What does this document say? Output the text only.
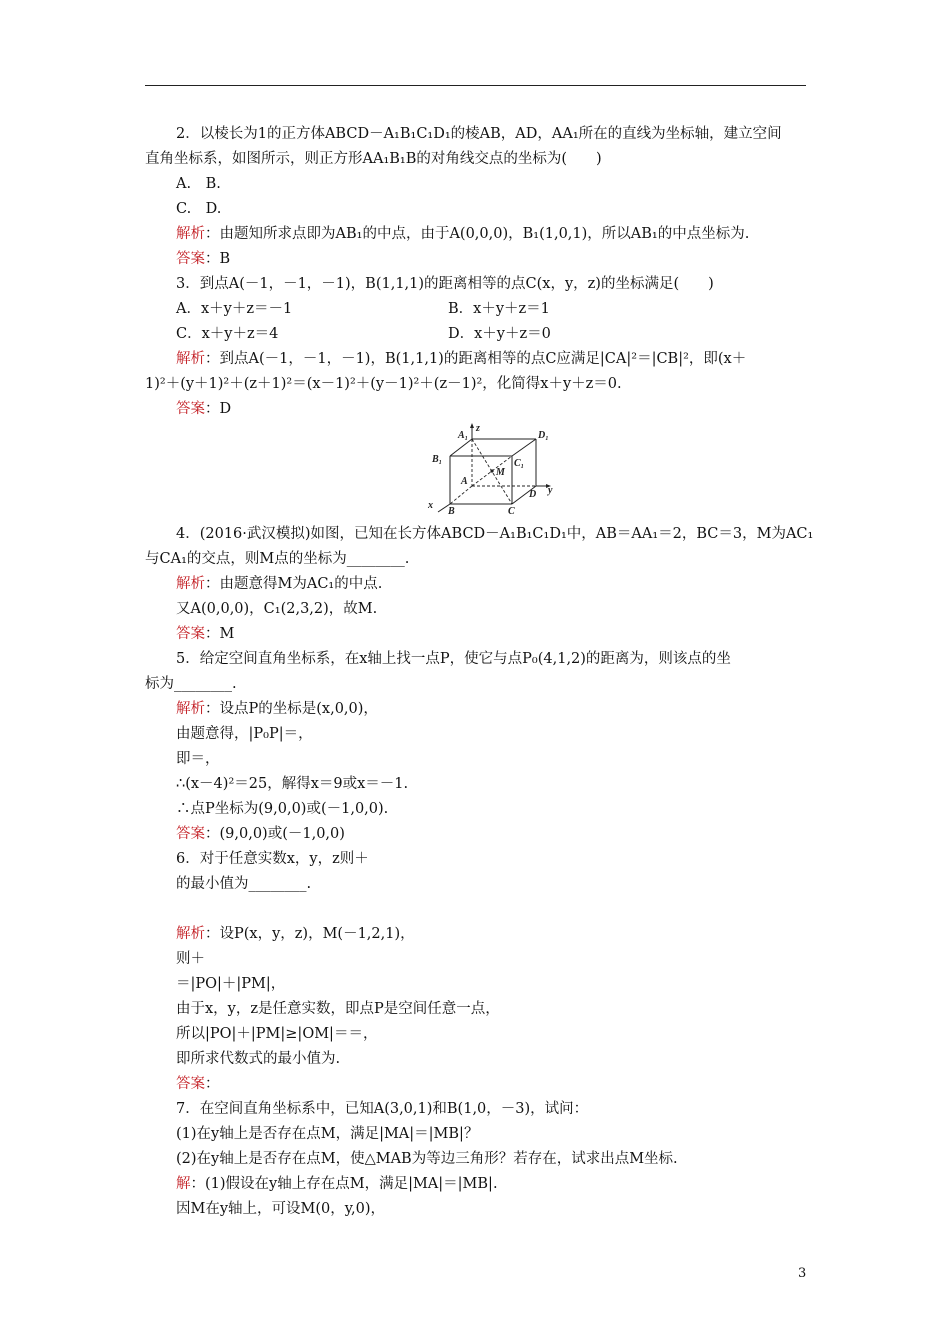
2．以棱长为1的正方体ABCD－A₁B₁C₁D₁的棱AB，AD，AA₁所在的直线为坐标轴，建立空间
直角坐标系，如图所示，则正方形AA₁B₁B的对角线交点的坐标为(　　)
A.　B.
C.　D.
解析：由题知所求点即为AB₁的中点，由于A(0,0,0)，B₁(1,0,1)，所以AB₁的中点坐标为.
答案：B
3．到点A(－1，－1，－1)，B(1,1,1)的距离相等的点C(x，y，z)的坐标满足(　　)
A．x＋y＋z＝－1	B．x＋y＋z＝1
C．x＋y＋z＝4	D．x＋y＋z＝0
解析：到点A(－1，－1，－1)，B(1,1,1)的距离相等的点C应满足|CA|²＝|CB|²，即(x＋
1)²＋(y＋1)²＋(z＋1)²＝(x－1)²＋(y－1)²＋(z－1)²，化简得x＋y＋z＝0.
答案：D
z
A₁	D₁
B₁	C₁
M
A
y
D
x
B	C
4．(2016·武汉模拟)如图，已知在长方体ABCD－A₁B₁C₁D₁中，AB＝AA₁＝2，BC＝3，M为AC₁
与CA₁的交点，则M点的坐标为________.
解析：由题意得M为AC₁的中点.
又A(0,0,0)，C₁(2,3,2)，故M.
答案：M
5．给定空间直角坐标系，在x轴上找一点P，使它与点P₀(4,1,2)的距离为，则该点的坐
标为________.
解析：设点P的坐标是(x,0,0)，
由题意得，|P₀P|＝，
即＝，
∴(x－4)²＝25，解得x＝9或x＝－1.
∴点P坐标为(9,0,0)或(－1,0,0).
答案：(9,0,0)或(－1,0,0)
6．对于任意实数x，y，z则＋
的最小值为________.
解析：设P(x，y，z)，M(－1,2,1)，
则＋
＝|PO|＋|PM|，
由于x，y，z是任意实数，即点P是空间任意一点，
所以|PO|＋|PM|≥|OM|＝＝，
即所求代数式的最小值为.
答案：
7．在空间直角坐标系中，已知A(3,0,1)和B(1,0，－3)，试问：
(1)在y轴上是否存在点M，满足|MA|＝|MB|？
(2)在y轴上是否存在点M，使△MAB为等边三角形？若存在，试求出点M坐标.
解：(1)假设在y轴上存在点M，满足|MA|＝|MB|.
因M在y轴上，可设M(0，y,0)，
3
